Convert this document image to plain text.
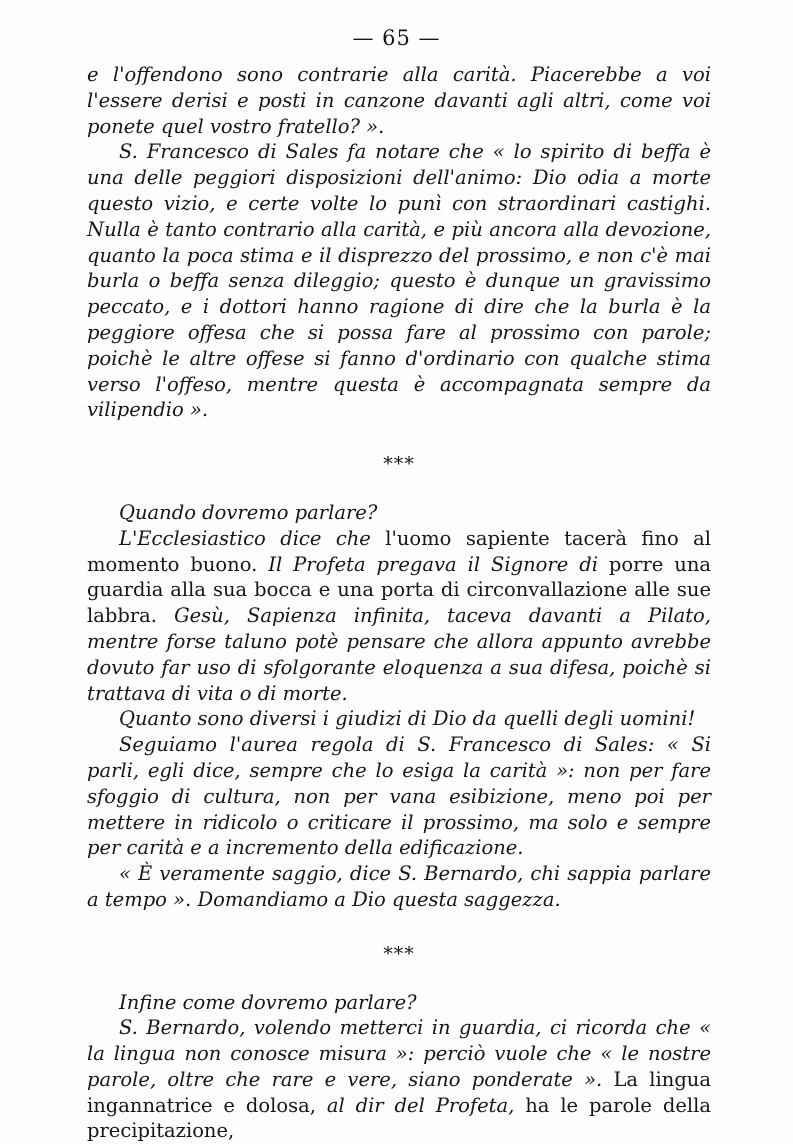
— 65 —

e l'offendono sono contrarie alla carità. Piacerebbe a voi l'essere derisi e posti in canzone davanti agli altri, come voi ponete quel vostro fratello? ».

S. Francesco di Sales fa notare che « lo spirito di beffa è una delle peggiori disposizioni dell'animo: Dio odia a morte questo vizio, e certe volte lo punì con straordinari castighi. Nulla è tanto contrario alla carità, e più ancora alla devozione, quanto la poca stima e il disprezzo del prossimo, e non c'è mai burla o beffa senza dileggio; questo è dunque un gravissimo peccato, e i dottori hanno ragione di dire che la burla è la peggiore offesa che si possa fare al prossimo con parole; poichè le altre offese si fanno d'ordinario con qualche stima verso l'offeso, mentre questa è accompagnata sempre da vilipendio ».

***

Quando dovremo parlare?

L'Ecclesiastico dice che l'uomo sapiente tacerà fino al momento buono. Il Profeta pregava il Signore di porre una guardia alla sua bocca e una porta di circonvallazione alle sue labbra. Gesù, Sapienza infinita, taceva davanti a Pilato, mentre forse taluno potè pensare che allora appunto avrebbe dovuto far uso di sfolgorante eloquenza a sua difesa, poichè si trattava di vita o di morte.

Quanto sono diversi i giudizi di Dio da quelli degli uomini!

Seguiamo l'aurea regola di S. Francesco di Sales: « Si parli, egli dice, sempre che lo esiga la carità »: non per fare sfoggio di cultura, non per vana esibizione, meno poi per mettere in ridicolo o criticare il prossimo, ma solo e sempre per carità e a incremento della edificazione.

« È veramente saggio, dice S. Bernardo, chi sappia parlare a tempo ». Domandiamo a Dio questa saggezza.

***

Infine come dovremo parlare?

S. Bernardo, volendo metterci in guardia, ci ricorda che « la lingua non conosce misura »: perciò vuole che « le nostre parole, oltre che rare e vere, siano ponderate ». La lingua ingannatrice e dolosa, al dir del Profeta, ha le parole della precipitazione,
